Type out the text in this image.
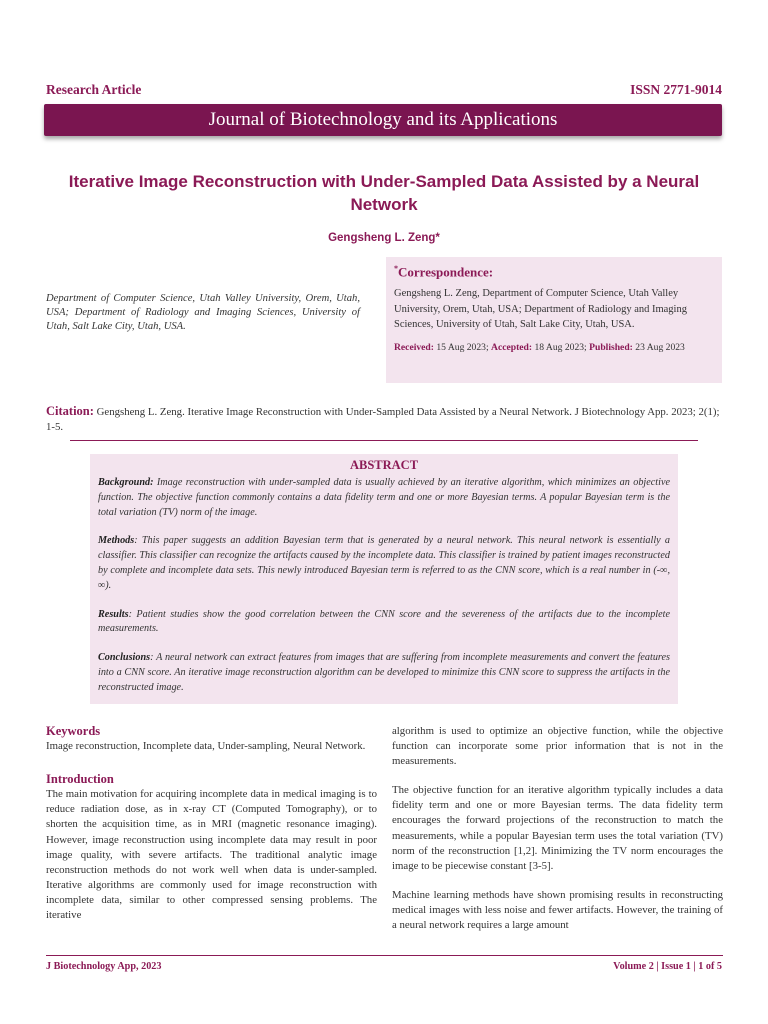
Research Article	ISSN 2771-9014
Journal of Biotechnology and its Applications
Iterative Image Reconstruction with Under-Sampled Data Assisted by a Neural Network
Gengsheng L. Zeng*
Department of Computer Science, Utah Valley University, Orem, Utah, USA; Department of Radiology and Imaging Sciences, University of Utah, Salt Lake City, Utah, USA.
*Correspondence:
Gengsheng L. Zeng, Department of Computer Science, Utah Valley University, Orem, Utah, USA; Department of Radiology and Imaging Sciences, University of Utah, Salt Lake City, Utah, USA.
Received: 15 Aug 2023; Accepted: 18 Aug 2023; Published: 23 Aug 2023
Citation: Gengsheng L. Zeng. Iterative Image Reconstruction with Under-Sampled Data Assisted by a Neural Network. J Biotechnology App. 2023; 2(1); 1-5.
ABSTRACT

Background: Image reconstruction with under-sampled data is usually achieved by an iterative algorithm, which minimizes an objective function. The objective function commonly contains a data fidelity term and one or more Bayesian terms. A popular Bayesian term is the total variation (TV) norm of the image.

Methods: This paper suggests an addition Bayesian term that is generated by a neural network. This neural network is essentially a classifier. This classifier can recognize the artifacts caused by the incomplete data. This classifier is trained by patient images reconstructed by complete and incomplete data sets. This newly introduced Bayesian term is referred to as the CNN score, which is a real number in (-∞, ∞).

Results: Patient studies show the good correlation between the CNN score and the severeness of the artifacts due to the incomplete measurements.

Conclusions: A neural network can extract features from images that are suffering from incomplete measurements and convert the features into a CNN score. An iterative image reconstruction algorithm can be developed to minimize this CNN score to suppress the artifacts in the reconstructed image.

Keywords

Image reconstruction, Incomplete data, Under-sampling, Neural Network.

Introduction

The main motivation for acquiring incomplete data in medical imaging is to reduce radiation dose, as in x-ray CT (Computed Tomography), or to shorten the acquisition time, as in MRI (magnetic resonance imaging). However, image reconstruction using incomplete data may result in poor image quality, with severe artifacts. The traditional analytic image reconstruction methods do not work well when data is under-sampled. Iterative algorithms are commonly used for image reconstruction with incomplete data, similar to other compressed sensing problems. The iterative

algorithm is used to optimize an objective function, while the objective function can incorporate some prior information that is not in the measurements.

The objective function for an iterative algorithm typically includes a data fidelity term and one or more Bayesian terms. The data fidelity term encourages the forward projections of the reconstruction to match the measurements, while a popular Bayesian term uses the total variation (TV) norm of the reconstruction [1,2]. Minimizing the TV norm encourages the image to be piecewise constant [3-5].

Machine learning methods have shown promising results in reconstructing medical images with less noise and fewer artifacts. However, the training of a neural network requires a large amount

J Biotechnology App, 2023	Volume 2 | Issue 1 | 1 of 5
